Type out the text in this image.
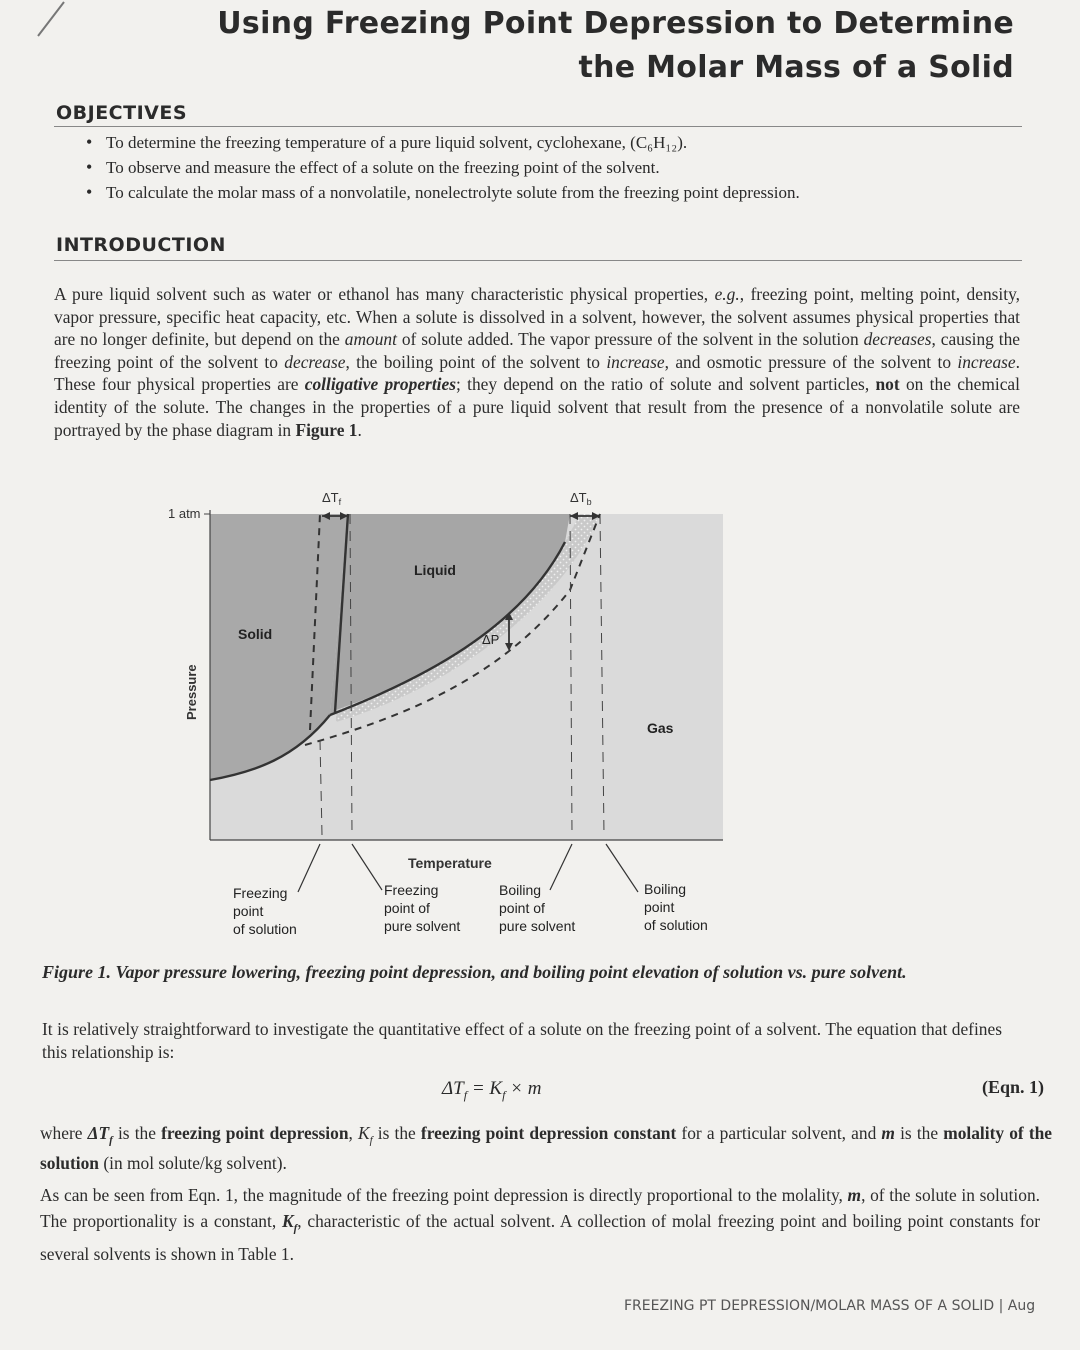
Using Freezing Point Depression to Determine
the Molar Mass of a Solid
OBJECTIVES
• To determine the freezing temperature of a pure liquid solvent, cyclohexane, (C₆H₁₂).
• To observe and measure the effect of a solute on the freezing point of the solvent.
• To calculate the molar mass of a nonvolatile, nonelectrolyte solute from the freezing point depression.
INTRODUCTION
A pure liquid solvent such as water or ethanol has many characteristic physical properties, e.g., freezing point, melting point, density, vapor pressure, specific heat capacity, etc. When a solute is dissolved in a solvent, however, the solvent assumes physical properties that are no longer definite, but depend on the amount of solute added. The vapor pressure of the solvent in the solution decreases, causing the freezing point of the solvent to decrease, the boiling point of the solvent to increase, and osmotic pressure of the solvent to increase. These four physical properties are colligative properties; they depend on the ratio of solute and solvent particles, not on the chemical identity of the solute. The changes in the properties of a pure liquid solvent that result from the presence of a nonvolatile solute are portrayed by the phase diagram in Figure 1.
1 atm
Pressure
Temperature
Solid
Liquid
Gas
$\Delta T_f$	$\Delta T_b$
ΔP
Freezing
point
of solution
Freezing
point of
pure solvent
Boiling
point of
pure solvent
Boiling
point
of solution
Figure 1. Vapor pressure lowering, freezing point depression, and boiling point elevation of solution vs. pure solvent.
It is relatively straightforward to investigate the quantitative effect of a solute on the freezing point of a solvent. The equation that defines this relationship is:
$\Delta T_f = K_f \times m$	(Eqn. 1)
where $\Delta T_f$ is the freezing point depression, $K_f$ is the freezing point depression constant for a particular solvent, and m is the molality of the solution (in mol solute/kg solvent).
As can be seen from Eqn. 1, the magnitude of the freezing point depression is directly proportional to the molality, m, of the solute in solution. The proportionality is a constant, $K_f$, characteristic of the actual solvent. A collection of molal freezing point and boiling point constants for several solvents is shown in Table 1.
FREEZING PT DEPRESSION/MOLAR MASS OF A SOLID | Aug
